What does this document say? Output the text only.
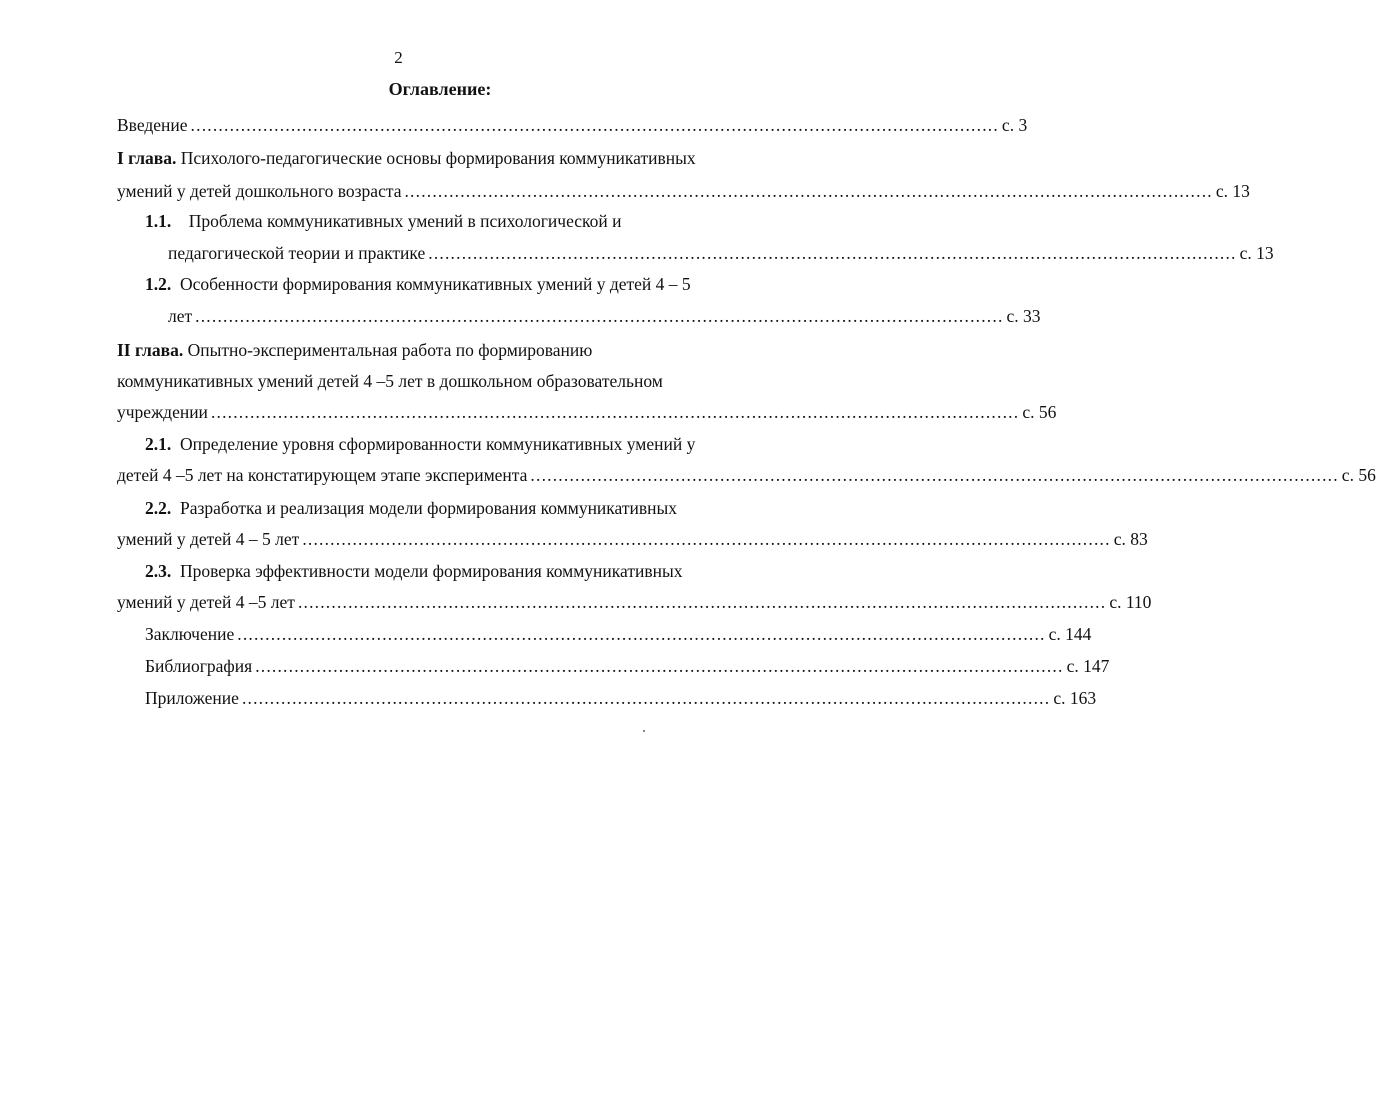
2
Оглавление:
Введение ................................................................................................................................................. с. 3
I глава. Психолого-педагогические основы формирования коммуникативных
умений у детей дошкольного возраста ................................................................................................................................................. с. 13
1.1. Проблема коммуникативных умений в психологической и
педагогической теории и практике ................................................................................................................................................. с. 13
1.2. Особенности формирования коммуникативных умений у детей 4 – 5
лет ................................................................................................................................................. с. 33
II глава. Опытно-экспериментальная работа по формированию
коммуникативных умений детей 4 –5 лет в дошкольном образовательном
учреждении ................................................................................................................................................. с. 56
2.1. Определение уровня сформированности коммуникативных умений у
детей 4 –5 лет на констатирующем этапе эксперимента ................................................................................................................................................. с. 56
2.2. Разработка и реализация модели формирования коммуникативных
умений у детей 4 – 5 лет ................................................................................................................................................. с. 83
2.3. Проверка эффективности модели формирования коммуникативных
умений у детей 4 –5 лет ................................................................................................................................................. с. 110
Заключение ................................................................................................................................................. с. 144
Библиография ................................................................................................................................................. с. 147
Приложение ................................................................................................................................................. с. 163
